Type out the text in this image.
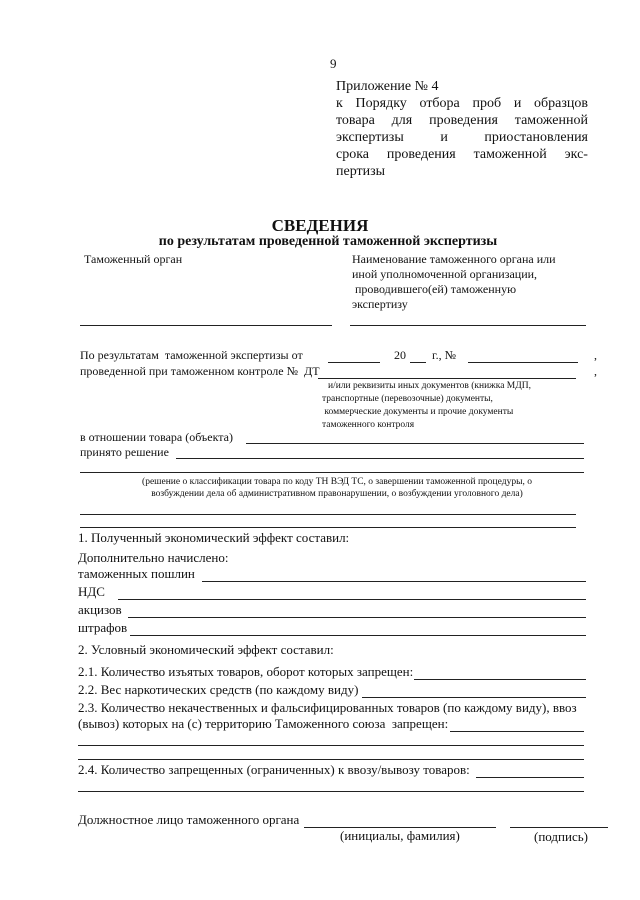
9
Приложение № 4
к Порядку отбора проб и образцов
товара для проведения таможенной
экспертизы	и	приостановления
срока проведения таможенной экс-
пертизы
СВЕДЕНИЯ
по результатам проведенной таможенной экспертизы
Таможенный орган	Наименование таможенного органа или
иной уполномоченной организации,
проводившего(ей) таможенную
экспертизу
По результатам  таможенной экспертизы от	20 г., №	,
проведенной при таможенном контроле №  ДТ	,
и/или реквизиты иных документов (книжка МДП,
транспортные (перевозочные) документы,
коммерческие документы и прочие документы
таможенного контроля
в отношении товара (объекта)
принято решение
(решение о классификации товара по коду ТН ВЭД ТС, о завершении таможенной процедуры, о
возбуждении дела об административном правонарушении, о возбуждении уголовного дела)
1. Полученный экономический эффект составил:
Дополнительно начислено:
таможенных пошлин
НДС
акцизов
штрафов
2. Условный экономический эффект составил:
2.1. Количество изъятых товаров, оборот которых запрещен:
2.2. Вес наркотических средств (по каждому виду)
2.3. Количество некачественных и фальсифицированных товаров (по каждому виду), ввоз
(вывоз) которых на (с) территорию Таможенного союза  запрещен:
2.4. Количество запрещенных (ограниченных) к ввозу/вывозу товаров:
Должностное лицо таможенного органа
(инициалы, фамилия)	(подпись)
